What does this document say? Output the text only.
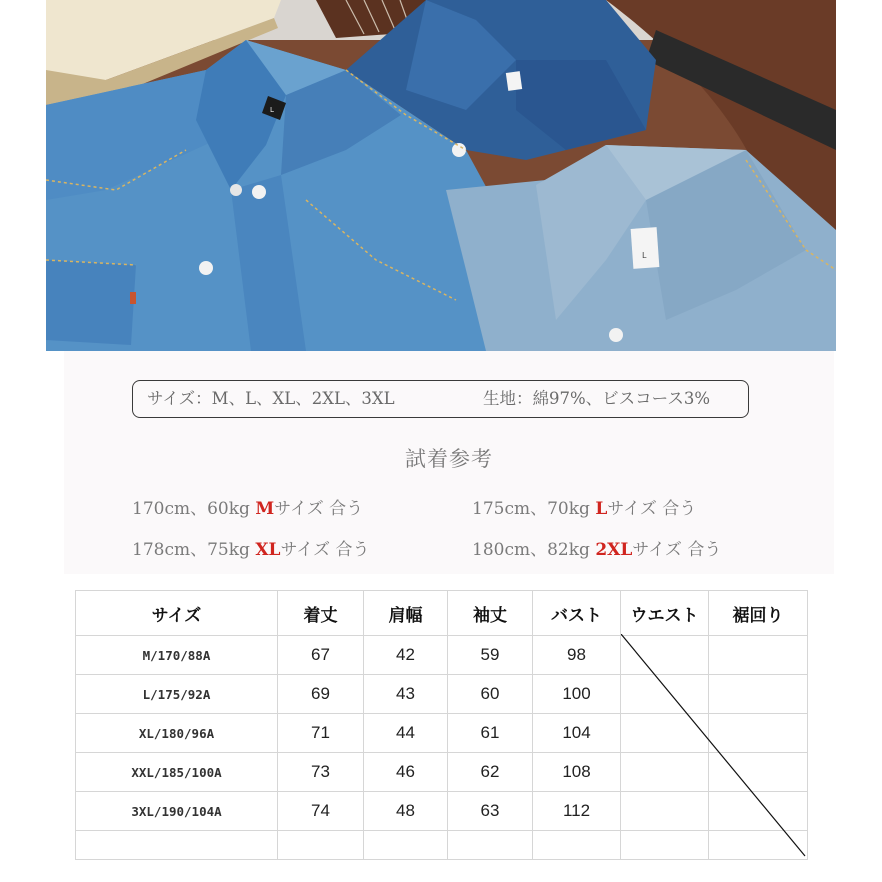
L
L
サイズ：M、L、XL、2XL、3XL	生地：綿97%、ビスコース3%
試着参考
170cm、60kg Mサイズ 合う	175cm、70kg Lサイズ 合う
178cm、75kg XLサイズ 合う	180cm、82kg 2XLサイズ 合う
サイズ	着丈	肩幅	袖丈	バスト	ウエスト	裾回り
M/170/88A	67	42	59	98		
L/175/92A	69	43	60	100		
XL/180/96A	71	44	61	104		
XXL/185/100A	73	46	62	108		
3XL/190/104A	74	48	63	112		
